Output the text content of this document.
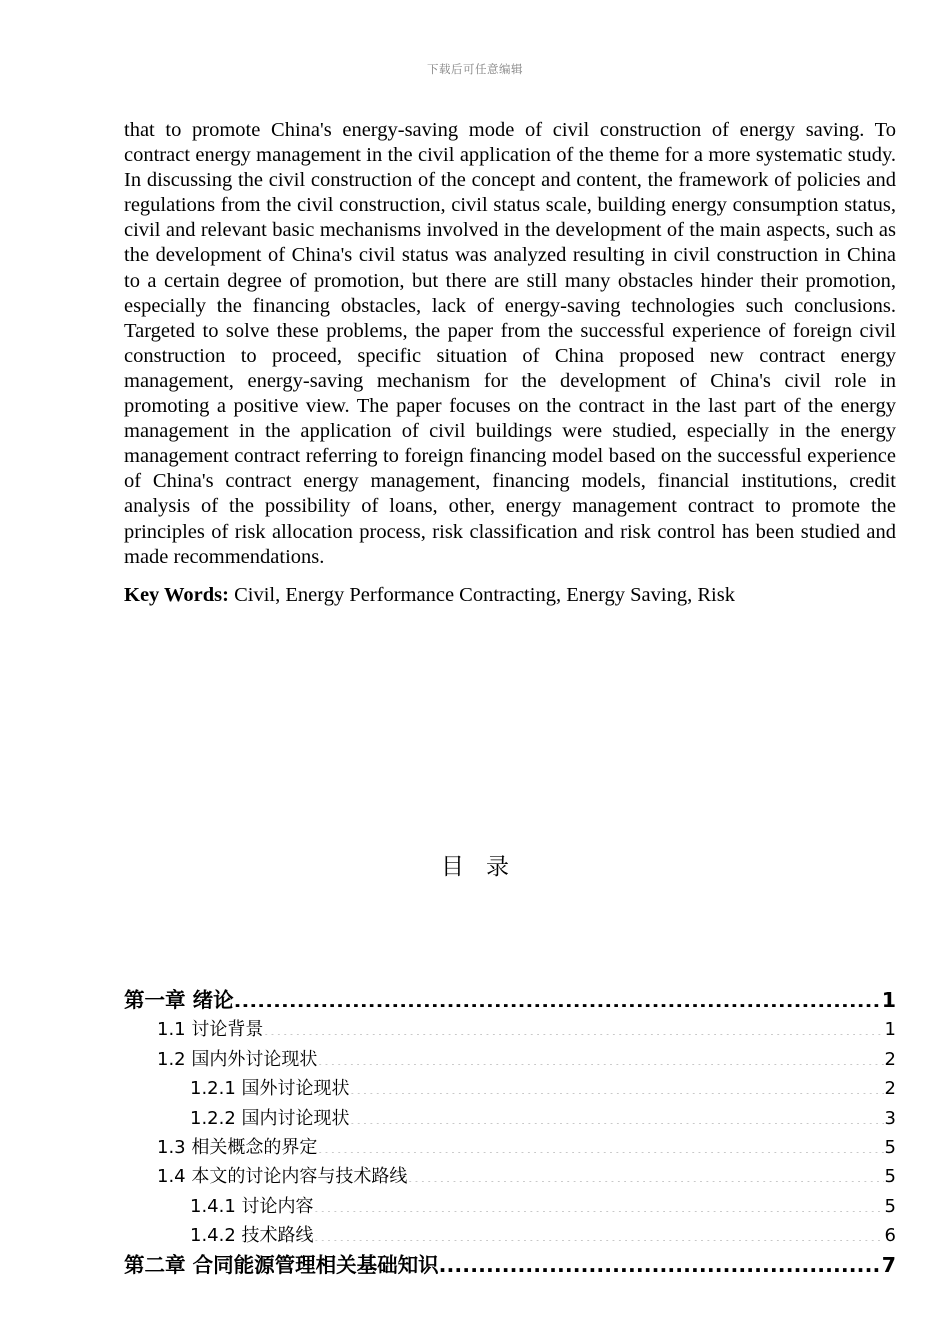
下载后可任意编辑

that to promote China's energy-saving mode of civil construction of energy saving. To contract energy management in the civil application of the theme for a more systematic study. In discussing the civil construction of the concept and content, the framework of policies and regulations from the civil construction, civil status scale, building energy consumption status, civil and relevant basic mechanisms involved in the development of the main aspects, such as the development of China's civil status was analyzed resulting in civil construction in China to a certain degree of promotion, but there are still many obstacles hinder their promotion, especially the financing obstacles, lack of energy-saving technologies such conclusions. Targeted to solve these problems, the paper from the successful experience of foreign civil construction to proceed, specific situation of China proposed new contract energy management, energy-saving mechanism for the development of China's civil role in promoting a positive view. The paper focuses on the contract in the last part of the energy management in the application of civil buildings were studied, especially in the energy management contract referring to foreign financing model based on the successful experience of China's contract energy management, financing models, financial institutions, credit analysis of the possibility of loans, other, energy management contract to promote the principles of risk allocation process, risk classification and risk control has been studied and made recommendations.

Key Words: Civil, Energy Performance Contracting, Energy Saving, Risk

目 录
第一章 绪论 .....	1
1.1 讨论背景 .....	1
1.2 国内外讨论现状 .....	2
1.2.1 国外讨论现状 .....	2
1.2.2 国内讨论现状 .....	3
1.3 相关概念的界定 .....	5
1.4 本文的讨论内容与技术路线 .....	5
1.4.1 讨论内容 .....	5
1.4.2 技术路线 .....	6
第二章 合同能源管理相关基础知识 .....	7
